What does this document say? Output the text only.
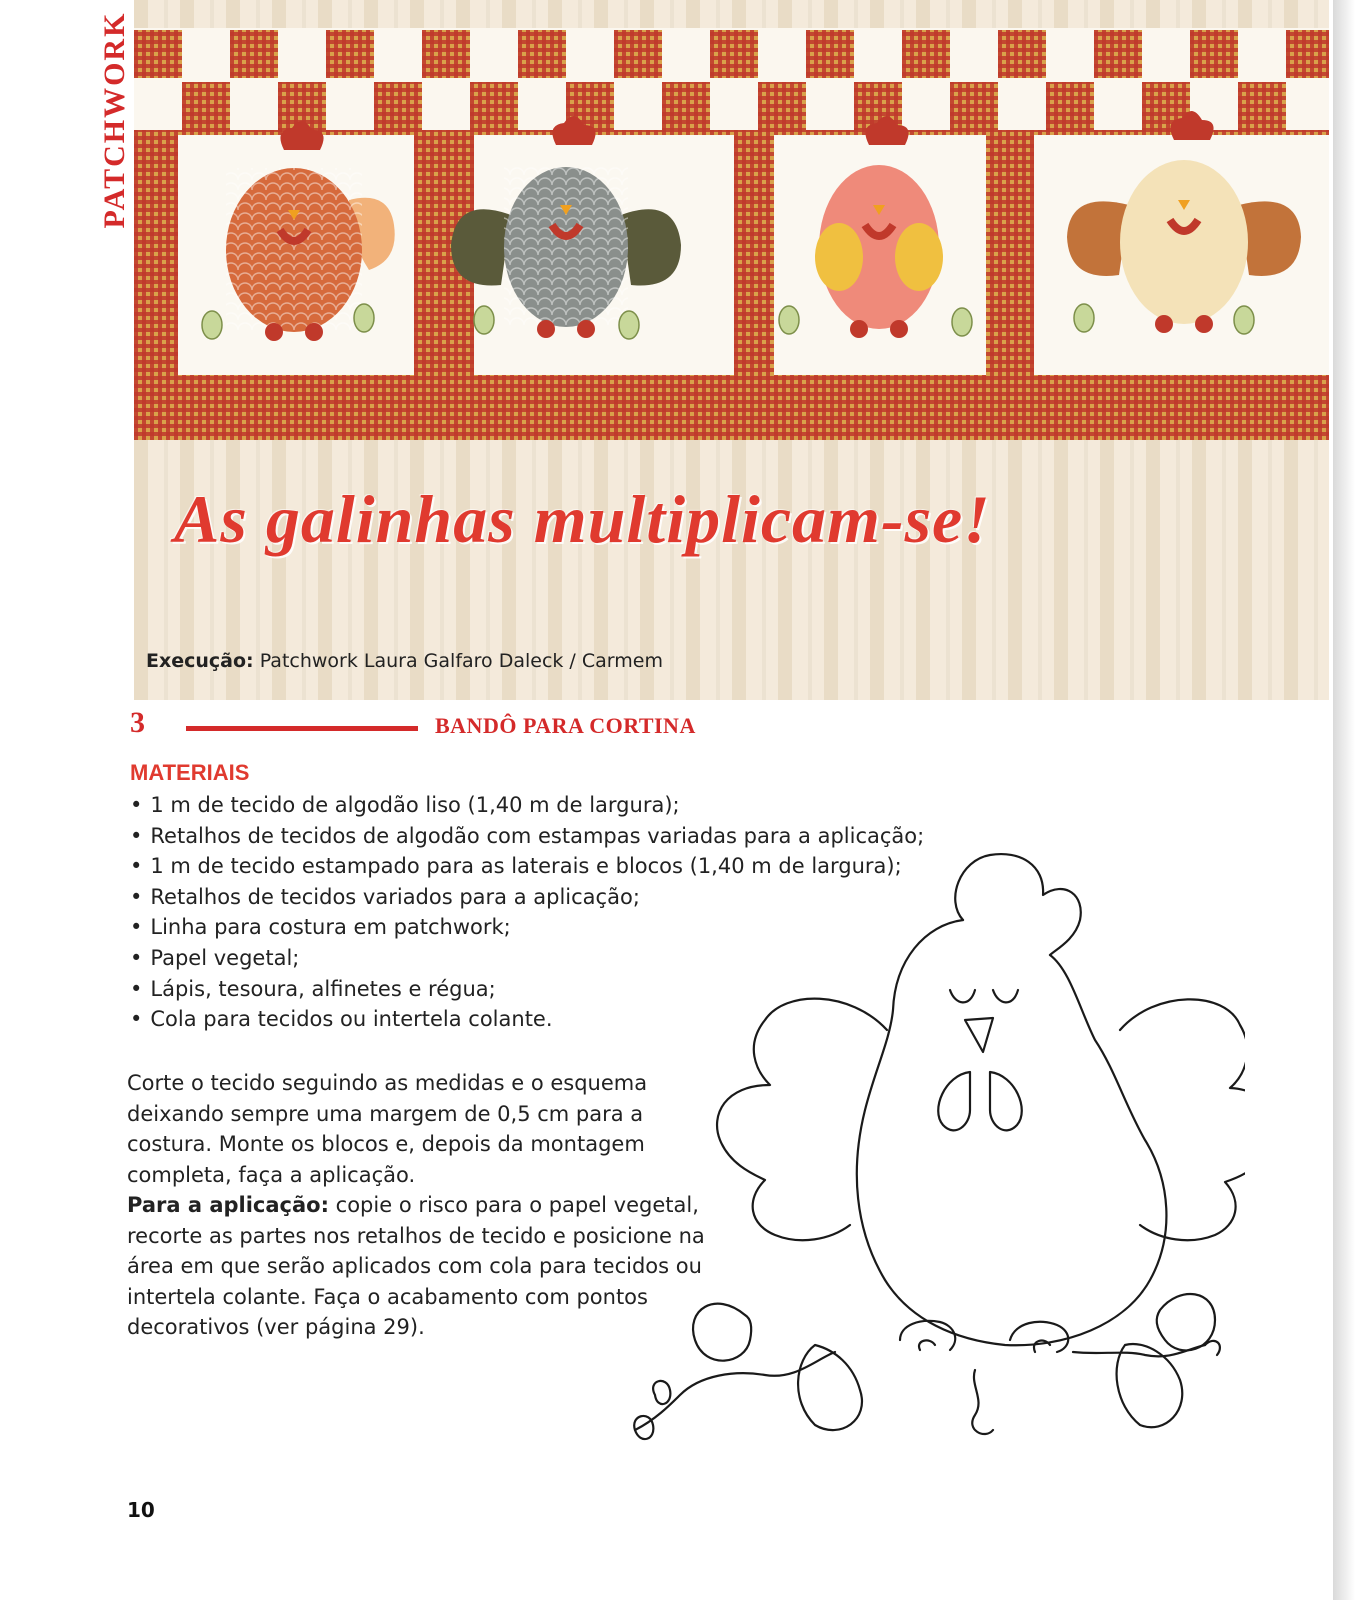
PATCHWORK
As galinhas multiplicam-se!
Execução: Patchwork Laura Galfaro Daleck / Carmem
3	BANDÔ PARA CORTINA
MATERIAIS
• 1 m de tecido de algodão liso (1,40 m de largura);
• Retalhos de tecidos de algodão com estampas variadas para a aplicação;
• 1 m de tecido estampado para as laterais e blocos (1,40 m de largura);
• Retalhos de tecidos variados para a aplicação;
• Linha para costura em patchwork;
• Papel vegetal;
• Lápis, tesoura, alfinetes e régua;
• Cola para tecidos ou intertela colante.
Corte o tecido seguindo as medidas e o esquema deixando sempre uma margem de 0,5 cm para a costura. Monte os blocos e, depois da montagem completa, faça a aplicação.
Para a aplicação: copie o risco para o papel vegetal, recorte as partes nos retalhos de tecido e posicione na área em que serão aplicados com cola para tecidos ou intertela colante. Faça o acabamento com pontos decorativos (ver página 29).
10
